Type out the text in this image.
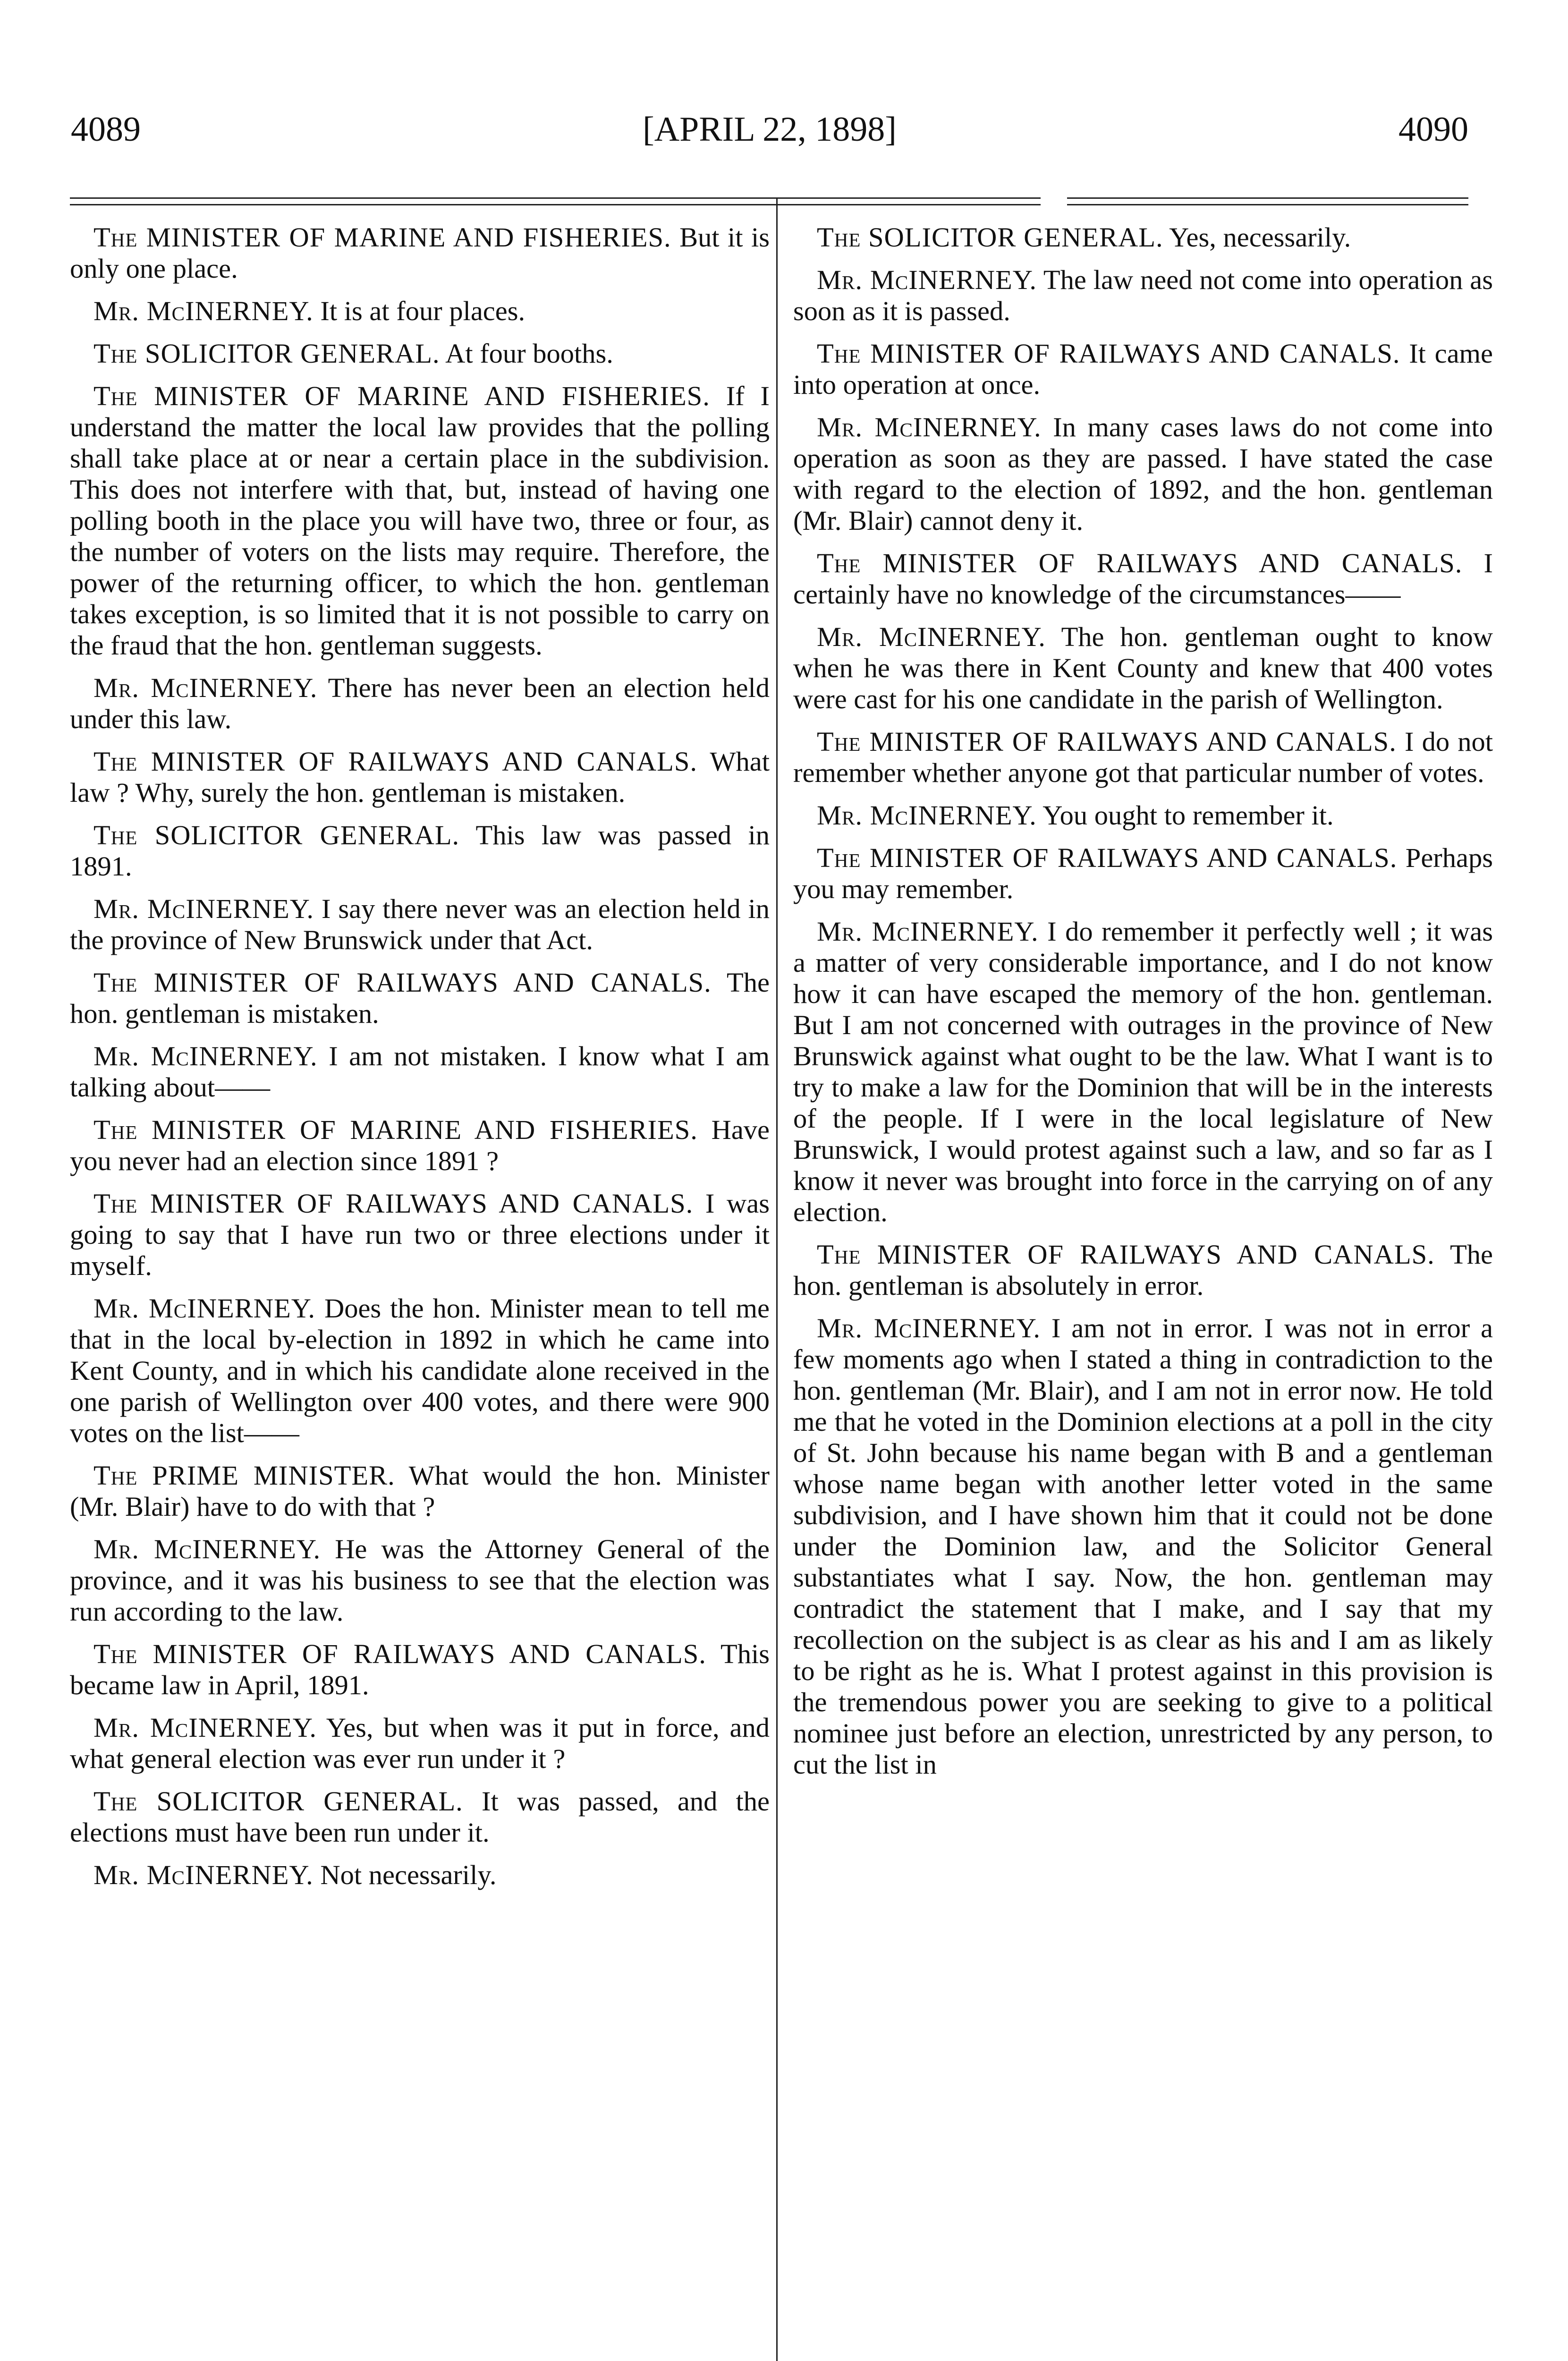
4089	[APRIL 22, 1898]	4090

The MINISTER OF MARINE AND FISHERIES. But it is only one place.

Mr. McINERNEY. It is at four places.

The SOLICITOR GENERAL. At four booths.

The MINISTER OF MARINE AND FISHERIES. If I understand the matter the local law provides that the polling shall take place at or near a certain place in the subdivision. This does not interfere with that, but, instead of having one polling booth in the place you will have two, three or four, as the number of voters on the lists may require. Therefore, the power of the returning officer, to which the hon. gentleman takes exception, is so limited that it is not possible to carry on the fraud that the hon. gentleman suggests.

Mr. McINERNEY. There has never been an election held under this law.

The MINISTER OF RAILWAYS AND CANALS. What law ? Why, surely the hon. gentleman is mistaken.

The SOLICITOR GENERAL. This law was passed in 1891.

Mr. McINERNEY. I say there never was an election held in the province of New Brunswick under that Act.

The MINISTER OF RAILWAYS AND CANALS. The hon. gentleman is mistaken.

Mr. McINERNEY. I am not mistaken. I know what I am talking about——

The MINISTER OF MARINE AND FISHERIES. Have you never had an election since 1891 ?

The MINISTER OF RAILWAYS AND CANALS. I was going to say that I have run two or three elections under it myself.

Mr. McINERNEY. Does the hon. Minister mean to tell me that in the local by-election in 1892 in which he came into Kent County, and in which his candidate alone received in the one parish of Wellington over 400 votes, and there were 900 votes on the list——

The PRIME MINISTER. What would the hon. Minister (Mr. Blair) have to do with that ?

Mr. McINERNEY. He was the Attorney General of the province, and it was his business to see that the election was run according to the law.

The MINISTER OF RAILWAYS AND CANALS. This became law in April, 1891.

Mr. McINERNEY. Yes, but when was it put in force, and what general election was ever run under it ?

The SOLICITOR GENERAL. It was passed, and the elections must have been run under it.

Mr. McINERNEY. Not necessarily.

The SOLICITOR GENERAL. Yes, necessarily.

Mr. McINERNEY. The law need not come into operation as soon as it is passed.

The MINISTER OF RAILWAYS AND CANALS. It came into operation at once.

Mr. McINERNEY. In many cases laws do not come into operation as soon as they are passed. I have stated the case with regard to the election of 1892, and the hon. gentleman (Mr. Blair) cannot deny it.

The MINISTER OF RAILWAYS AND CANALS. I certainly have no knowledge of the circumstances——

Mr. McINERNEY. The hon. gentleman ought to know when he was there in Kent County and knew that 400 votes were cast for his one candidate in the parish of Wellington.

The MINISTER OF RAILWAYS AND CANALS. I do not remember whether anyone got that particular number of votes.

Mr. McINERNEY. You ought to remember it.

The MINISTER OF RAILWAYS AND CANALS. Perhaps you may remember.

Mr. McINERNEY. I do remember it perfectly well ; it was a matter of very considerable importance, and I do not know how it can have escaped the memory of the hon. gentleman. But I am not concerned with outrages in the province of New Brunswick against what ought to be the law. What I want is to try to make a law for the Dominion that will be in the interests of the people. If I were in the local legislature of New Brunswick, I would protest against such a law, and so far as I know it never was brought into force in the carrying on of any election.

The MINISTER OF RAILWAYS AND CANALS. The hon. gentleman is absolutely in error.

Mr. McINERNEY. I am not in error. I was not in error a few moments ago when I stated a thing in contradiction to the hon. gentleman (Mr. Blair), and I am not in error now. He told me that he voted in the Dominion elections at a poll in the city of St. John because his name began with B and a gentleman whose name began with another letter voted in the same subdivision, and I have shown him that it could not be done under the Dominion law, and the Solicitor General substantiates what I say. Now, the hon. gentleman may contradict the statement that I make, and I say that my recollection on the subject is as clear as his and I am as likely to be right as he is. What I protest against in this provision is the tremendous power you are seeking to give to a political nominee just before an election, unrestricted by any person, to cut the list in
